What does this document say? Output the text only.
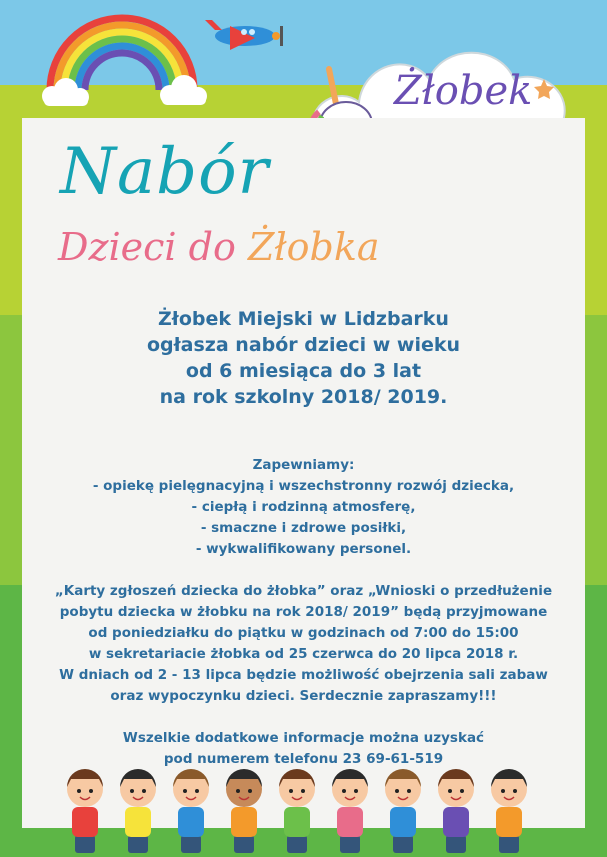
Żłobek
Nabór
Dzieci do Żłobka
Żłobek Miejski w Lidzbarku
ogłasza nabór dzieci w wieku
od 6 miesiąca do 3 lat
na rok szkolny 2018/ 2019.
Zapewniamy:
- opiekę pielęgnacyjną i wszechstronny rozwój dziecka,
- ciepłą i rodzinną atmosferę,
- smaczne i zdrowe posiłki,
- wykwalifikowany personel.
„Karty zgłoszeń dziecka do żłobka” oraz „Wnioski o przedłużenie
pobytu dziecka w żłobku na rok 2018/ 2019” będą przyjmowane
od poniedziałku do piątku w godzinach od 7:00 do 15:00
w sekretariacie żłobka od 25 czerwca do 20 lipca 2018 r.
W dniach od 2 - 13 lipca będzie możliwość obejrzenia sali zabaw
oraz wypoczynku dzieci. Serdecznie zapraszamy!!!
Wszelkie dodatkowe informacje można uzyskać
pod numerem telefonu 23 69-61-519
